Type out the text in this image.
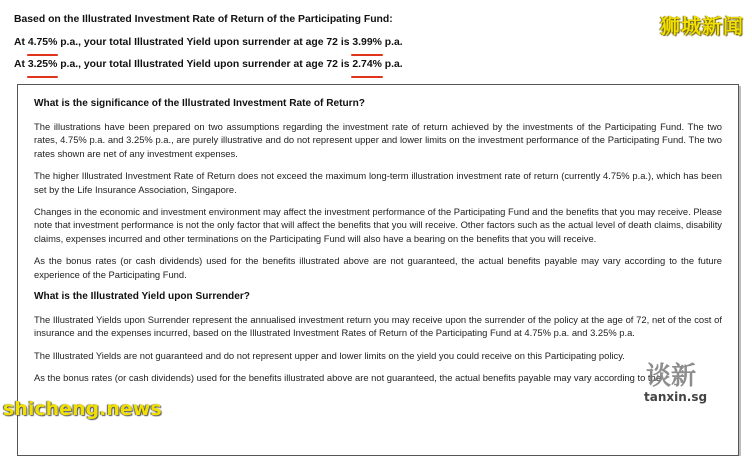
Based on the Illustrated Investment Rate of Return of the Participating Fund:
At 4.75% p.a., your total Illustrated Yield upon surrender at age 72 is 3.99% p.a.
At 3.25% p.a., your total Illustrated Yield upon surrender at age 72 is 2.74% p.a.
What is the significance of the Illustrated Investment Rate of Return?

The illustrations have been prepared on two assumptions regarding the investment rate of return achieved by the investments of the Participating Fund. The two rates, 4.75% p.a. and 3.25% p.a., are purely illustrative and do not represent upper and lower limits on the investment performance of the Participating Fund. The two rates shown are net of any investment expenses.

The higher Illustrated Investment Rate of Return does not exceed the maximum long-term illustration investment rate of return (currently 4.75% p.a.), which has been set by the Life Insurance Association, Singapore.

Changes in the economic and investment environment may affect the investment performance of the Participating Fund and the benefits that you may receive. Please note that investment performance is not the only factor that will affect the benefits that you will receive. Other factors such as the actual level of death claims, disability claims, expenses incurred and other terminations on the Participating Fund will also have a bearing on the benefits that you will receive.

As the bonus rates (or cash dividends) used for the benefits illustrated above are not guaranteed, the actual benefits payable may vary according to the future experience of the Participating Fund.

What is the Illustrated Yield upon Surrender?

The Illustrated Yields upon Surrender represent the annualised investment return you may receive upon the surrender of the policy at the age of 72, net of the cost of insurance and the expenses incurred, based on the Illustrated Investment Rates of Return of the Participating Fund at 4.75% p.a. and 3.25% p.a.

The Illustrated Yields are not guaranteed and do not represent upper and lower limits on the yield you could receive on this Participating policy.

As the bonus rates (or cash dividends) used for the benefits illustrated above are not guaranteed, the actual benefits payable may vary according to the

狮城新闻
shicheng.news
谈新
tanxin.sg
